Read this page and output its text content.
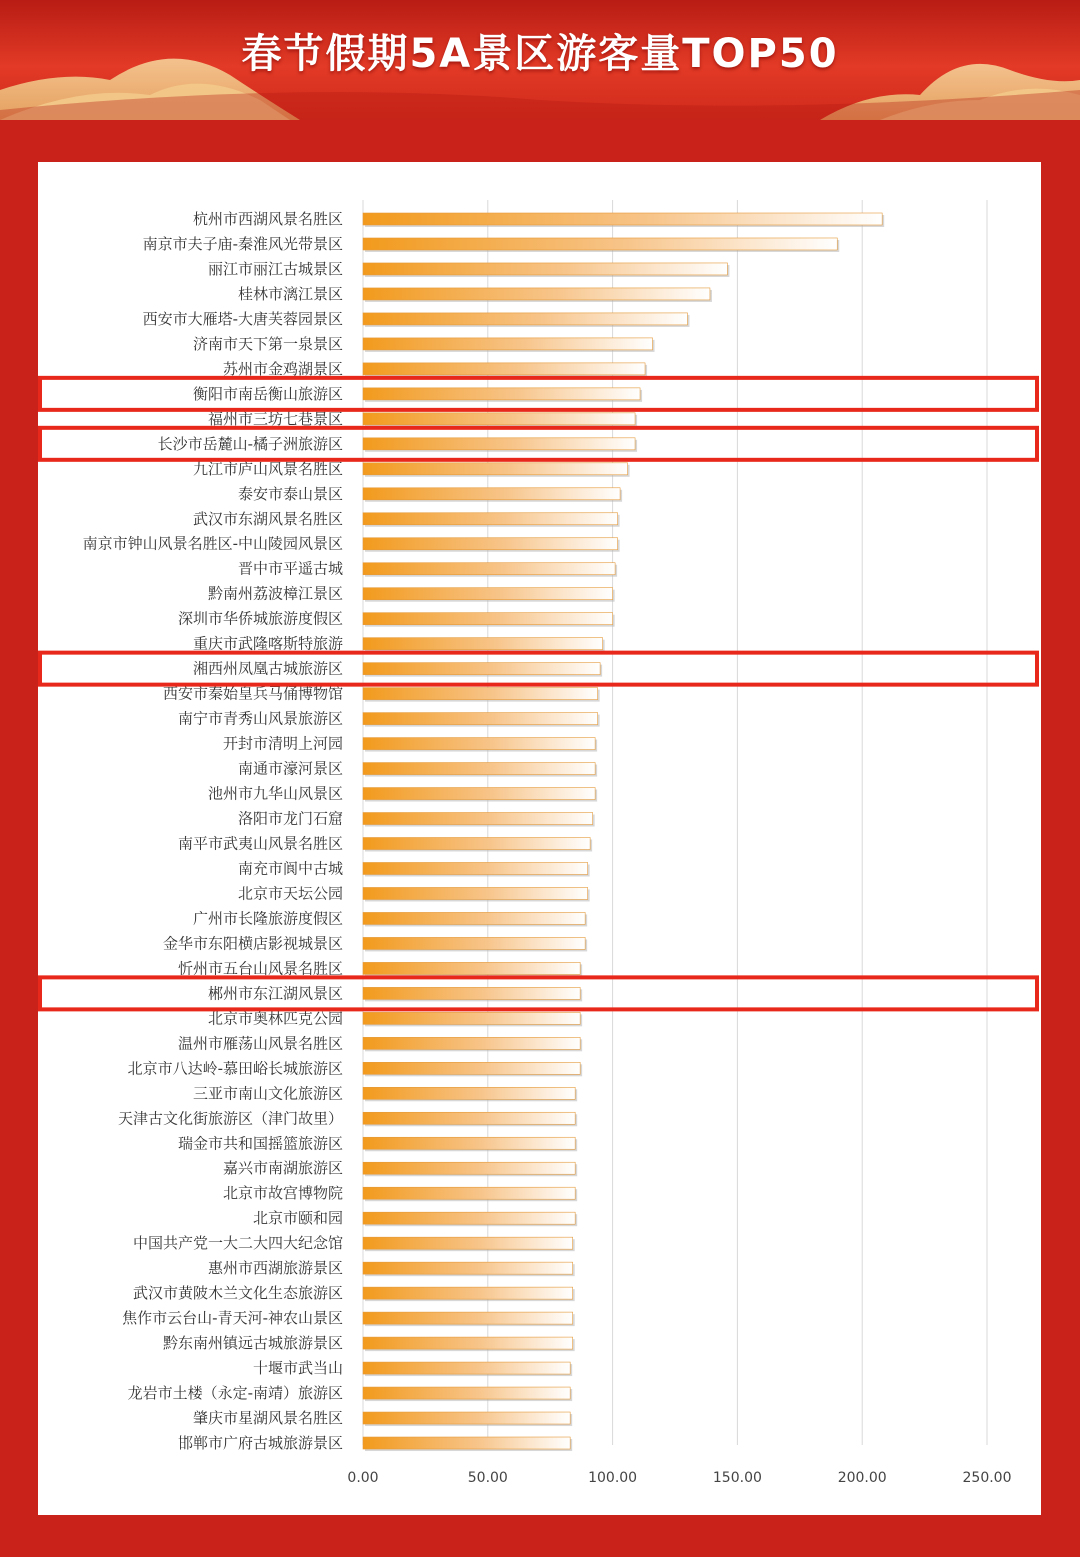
春节假期5A景区游客量TOP50
0.00	50.00	100.00	150.00	200.00	250.00
杭州市西湖风景名胜区
南京市夫子庙-秦淮风光带景区
丽江市丽江古城景区
桂林市漓江景区
西安市大雁塔-大唐芙蓉园景区
济南市天下第一泉景区
苏州市金鸡湖景区
衡阳市南岳衡山旅游区
福州市三坊七巷景区
长沙市岳麓山-橘子洲旅游区
九江市庐山风景名胜区
泰安市泰山景区
武汉市东湖风景名胜区
南京市钟山风景名胜区-中山陵园风景区
晋中市平遥古城
黔南州荔波樟江景区
深圳市华侨城旅游度假区
重庆市武隆喀斯特旅游
湘西州凤凰古城旅游区
西安市秦始皇兵马俑博物馆
南宁市青秀山风景旅游区
开封市清明上河园
南通市濠河景区
池州市九华山风景区
洛阳市龙门石窟
南平市武夷山风景名胜区
南充市阆中古城
北京市天坛公园
广州市长隆旅游度假区
金华市东阳横店影视城景区
忻州市五台山风景名胜区
郴州市东江湖风景区
北京市奥林匹克公园
温州市雁荡山风景名胜区
北京市八达岭-慕田峪长城旅游区
三亚市南山文化旅游区
天津古文化街旅游区（津门故里）
瑞金市共和国摇篮旅游区
嘉兴市南湖旅游区
北京市故宫博物院
北京市颐和园
中国共产党一大二大四大纪念馆
惠州市西湖旅游景区
武汉市黄陂木兰文化生态旅游区
焦作市云台山-青天河-神农山景区
黔东南州镇远古城旅游景区
十堰市武当山
龙岩市土楼（永定-南靖）旅游区
肇庆市星湖风景名胜区
邯郸市广府古城旅游景区
